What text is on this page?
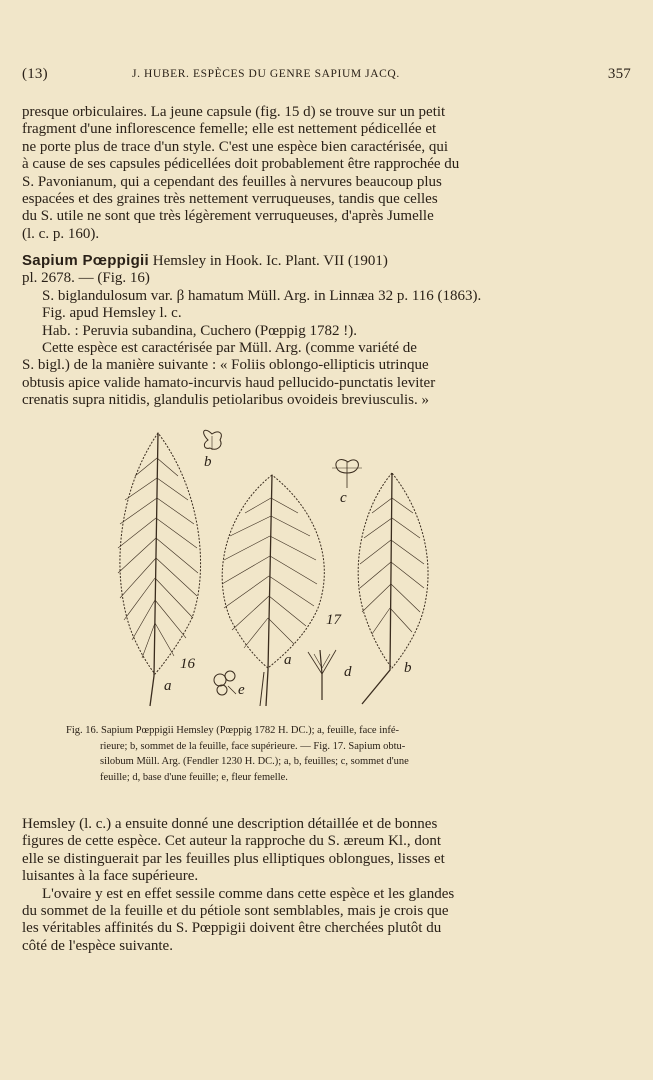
(13)	J. HUBER. ESPÈCES DU GENRE SAPIUM JACQ.	357
presque orbiculaires. La jeune capsule (fig. 15 d) se trouve sur un petit
fragment d'une inflorescence femelle; elle est nettement pédicellée et
ne porte plus de trace d'un style. C'est une espèce bien caractérisée, qui
à cause de ses capsules pédicellées doit probablement être rapprochée du
S. Pavonianum, qui a cependant des feuilles à nervures beaucoup plus
espacées et des graines très nettement verruqueuses, tandis que celles
du S. utile ne sont que très légèrement verruqueuses, d'après Jumelle
(l. c. p. 160).
Sapium Pœppigii Hemsley in Hook. Ic. Plant. VII (1901)
pl. 2678. — (Fig. 16)
S. biglandulosum var. β hamatum Müll. Arg. in Linnæa 32 p. 116 (1863).
Fig. apud Hemsley l. c.
Hab. : Peruvia subandina, Cuchero (Pœppig 1782 !).
Cette espèce est caractérisée par Müll. Arg. (comme variété de
S. bigl.) de la manière suivante : « Foliis oblongo-ellipticis utrinque
obtusis apice valide hamato-incurvis haud pellucido-punctatis leviter
crenatis supra nitidis, glandulis petiolaribus ovoideis breviusculis. »
b
a
16
c
17
a
d
e
b
Fig. 16. Sapium Pœppigii Hemsley (Pœppig 1782 H. DC.); a, feuille, face infé-
rieure; b, sommet de la feuille, face supérieure. — Fig. 17. Sapium obtu-
silobum Müll. Arg. (Fendler 1230 H. DC.); a, b, feuilles; c, sommet d'une
feuille; d, base d'une feuille; e, fleur femelle.
Hemsley (l. c.) a ensuite donné une description détaillée et de bonnes
figures de cette espèce. Cet auteur la rapproche du S. æreum Kl., dont
elle se distinguerait par les feuilles plus elliptiques oblongues, lisses et
luisantes à la face supérieure.
L'ovaire y est en effet sessile comme dans cette espèce et les glandes
du sommet de la feuille et du pétiole sont semblables, mais je crois que
les véritables affinités du S. Pœppigii doivent être cherchées plutôt du
côté de l'espèce suivante.
